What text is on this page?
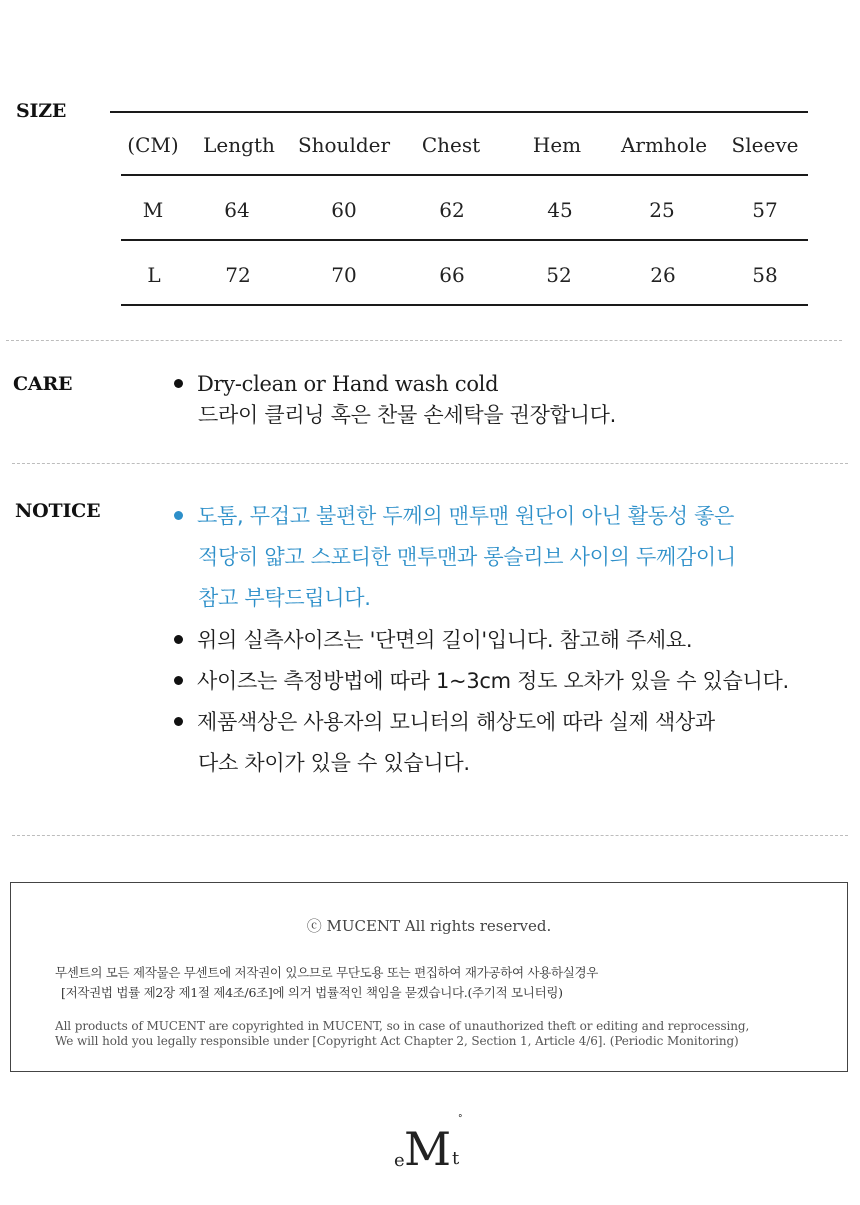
SIZE
(CM)	Length	Shoulder	Chest	Hem	Armhole	Sleeve
M	64	60	62	45	25	57
L	72	70	66	52	26	58
CARE	Dry-clean or Hand wash cold
드라이 클리닝 혹은 찬물 손세탁을 권장합니다.
NOTICE	도톰, 무겁고 불편한 두께의 맨투맨 원단이 아닌 활동성 좋은
적당히 얇고 스포티한 맨투맨과 롱슬리브 사이의 두께감이니
참고 부탁드립니다.
위의 실측사이즈는 '단면의 길이'입니다. 참고해 주세요.
사이즈는 측정방법에 따라 1~3cm 정도 오차가 있을 수 있습니다.
제품색상은 사용자의 모니터의 해상도에 따라 실제 색상과
다소 차이가 있을 수 있습니다.
ⓒ MUCENT All rights reserved.
무센트의 모든 제작물은 무센트에 저작권이 있으므로 무단도용 또는 편집하여 재가공하여 사용하실경우
[저작권법 법률 제2장 제1절 제4조/6조]에 의거 법률적인 책임을 묻겠습니다.(주기적 모니터링)
All products of MUCENT are copyrighted in MUCENT, so in case of unauthorized theft or editing and reprocessing,
We will hold you legally responsible under [Copyright Act Chapter 2, Section 1, Article 4/6]. (Periodic Monitoring)
e M t
°
